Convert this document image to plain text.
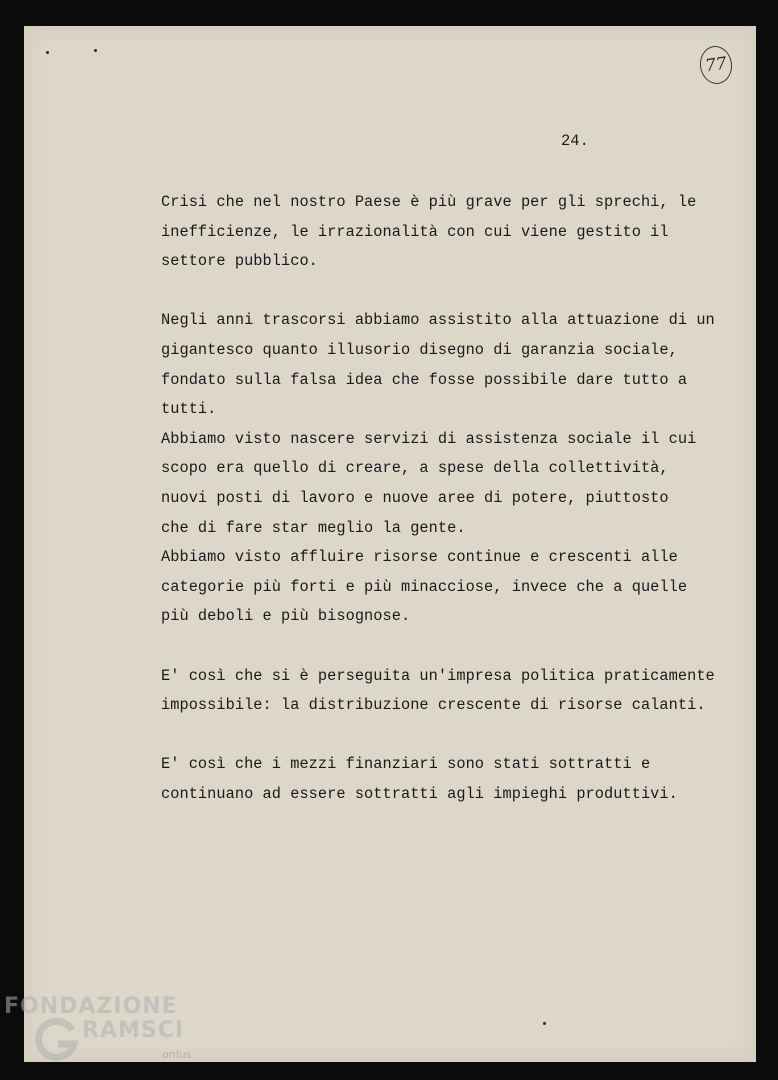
77
24.

Crisi che nel nostro Paese è più grave per gli sprechi, le
inefficienze, le irrazionalità con cui viene gestito il
settore pubblico.

Negli anni trascorsi abbiamo assistito alla attuazione di un
gigantesco quanto illusorio disegno di garanzia sociale,
fondato sulla falsa idea che fosse possibile dare tutto a
tutti.
Abbiamo visto nascere servizi di assistenza sociale il cui
scopo era quello di creare, a spese della collettività,
nuovi posti di lavoro e nuove aree di potere, piuttosto
che di fare star meglio la gente.
Abbiamo visto affluire risorse continue e crescenti alle
categorie più forti e più minacciose, invece che a quelle
più deboli e più bisognose.

E' così che si è perseguita un'impresa politica praticamente
impossibile: la distribuzione crescente di risorse calanti.

E' così che i mezzi finanziari sono stati sottratti e
continuano ad essere sottratti agli impieghi produttivi.

FONDAZIONE
RAMSCI
onlus
